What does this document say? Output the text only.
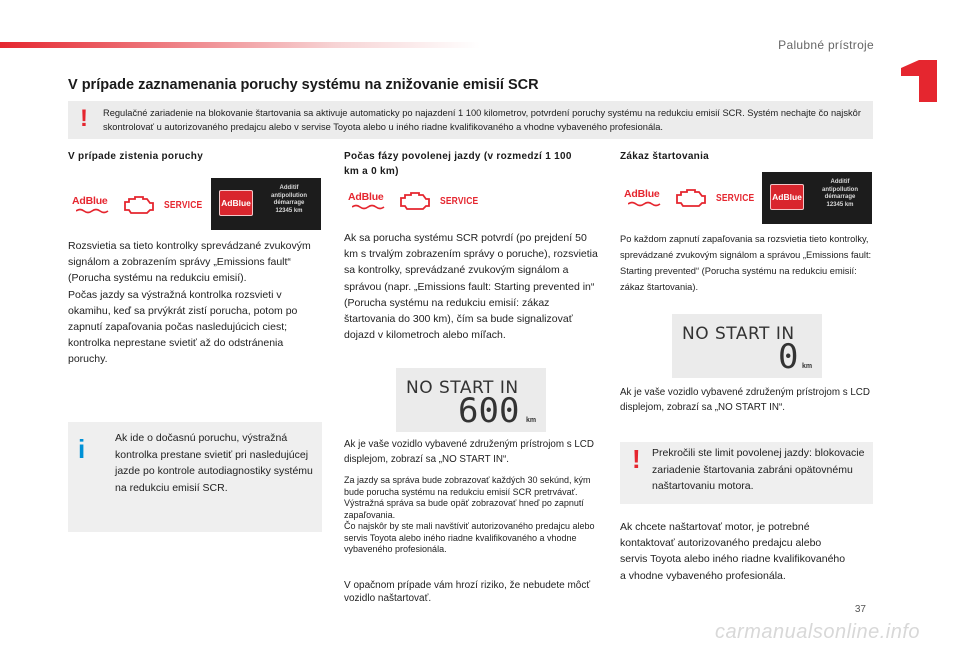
Palubné prístroje
V prípade zaznamenania poruchy systému na znižovanie emisií SCR
! Regulačné zariadenie na blokovanie štartovania sa aktivuje automaticky po najazdení 1 100 kilometrov, potvrdení poruchy systému na redukciu emisií SCR. Systém nechajte čo najskôr skontrolovať u autorizovaného predajcu alebo v servise Toyota alebo u iného riadne kvalifikovaného a vhodne vybaveného profesionála.
V prípade zistenia poruchy
AdBlue	SERVICE AdBlue
Additif
antipollution
démarrage
12345 km
Rozsvietia sa tieto kontrolky sprevádzané zvukovým signálom a zobrazením správy „Emissions fault“ (Porucha systému na redukciu emisií).
Počas jazdy sa výstražná kontrolka rozsvieti v okamihu, keď sa prvýkrát zistí porucha, potom po zapnutí zapaľovania počas nasledujúcich ciest; kontrolka neprestane svietiť až do odstránenia poruchy.
i	Ak ide o dočasnú poruchu, výstražná kontrolka prestane svietiť pri nasledujúcej jazde po kontrole autodiagnostiky systému na redukciu emisií SCR.
Počas fázy povolenej jazdy (v rozmedzí 1 100 km a 0 km)
AdBlue	SERVICE
Ak sa porucha systému SCR potvrdí (po prejdení 50 km s trvalým zobrazením správy o poruche), rozsvietia sa kontrolky, sprevádzané zvukovým signálom a správou (napr. „Emissions fault: Starting prevented in“ (Porucha systému na redukciu emisií: zákaz štartovania do 300 km), čím sa bude signalizovať dojazd v kilometroch alebo míľach.
NO START IN
600 km
Ak je vaše vozidlo vybavené združeným prístrojom s LCD displejom, zobrazí sa „NO START IN“.
Za jazdy sa správa bude zobrazovať každých 30 sekúnd, kým bude porucha systému na redukciu emisií SCR pretrvávať.
Výstražná správa sa bude opäť zobrazovať hneď po zapnutí zapaľovania.
Čo najskôr by ste mali navštíviť autorizovaného predajcu alebo servis Toyota alebo iného riadne kvalifikovaného a vhodne vybaveného profesionála.
V opačnom prípade vám hrozí riziko, že nebudete môcť vozidlo naštartovať.
Zákaz štartovania
AdBlue	SERVICE AdBlue
Additif
antipollution
démarrage
12345 km
Po každom zapnutí zapaľovania sa rozsvietia tieto kontrolky, sprevádzané zvukovým signálom a správou „Emissions fault: Starting prevented“ (Porucha systému na redukciu emisií: zákaz štartovania).
NO START IN
0 km
Ak je vaše vozidlo vybavené združeným prístrojom s LCD displejom, zobrazí sa „NO START IN“.
! Prekročili ste limit povolenej jazdy: blokovacie zariadenie štartovania zabráni opätovnému naštartovaniu motora.
Ak chcete naštartovať motor, je potrebné kontaktovať autorizovaného predajcu alebo servis Toyota alebo iného riadne kvalifikovaného a vhodne vybaveného profesionála.
37
carmanualsonline.info
